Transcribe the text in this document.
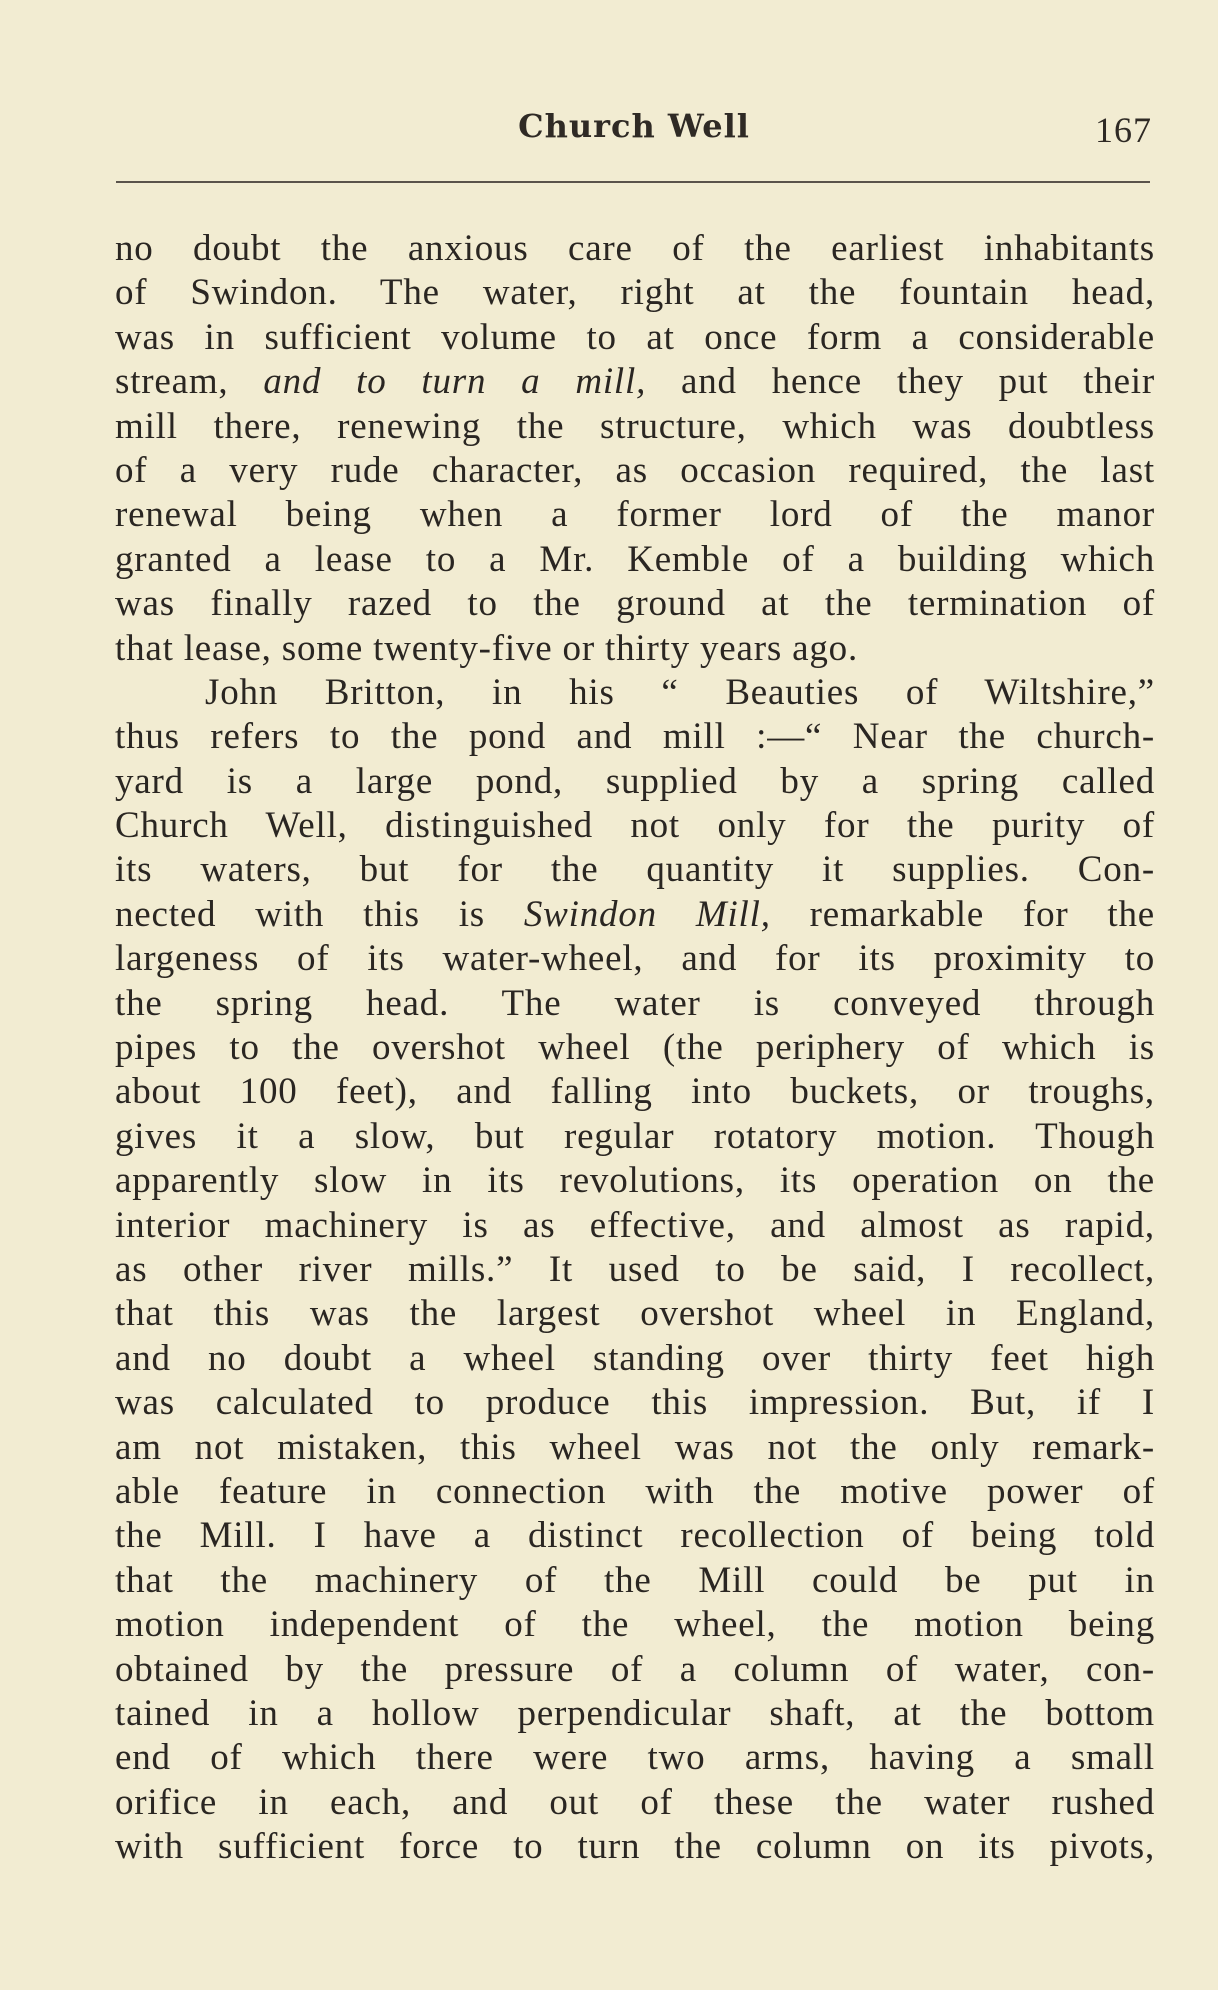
Church Well	167
no doubt the anxious care of the earliest inhabitants
of Swindon. The water, right at the fountain head,
was in sufficient volume to at once form a considerable
stream, and to turn a mill, and hence they put their
mill there, renewing the structure, which was doubtless
of a very rude character, as occasion required, the last
renewal being when a former lord of the manor
granted a lease to a Mr. Kemble of a building which
was finally razed to the ground at the termination of
that lease, some twenty-five or thirty years ago.
John Britton, in his “ Beauties of Wiltshire,”
thus refers to the pond and mill :—“ Near the church-
yard is a large pond, supplied by a spring called
Church Well, distinguished not only for the purity of
its waters, but for the quantity it supplies. Con-
nected with this is Swindon Mill, remarkable for the
largeness of its water-wheel, and for its proximity to
the spring head. The water is conveyed through
pipes to the overshot wheel (the periphery of which is
about 100 feet), and falling into buckets, or troughs,
gives it a slow, but regular rotatory motion. Though
apparently slow in its revolutions, its operation on the
interior machinery is as effective, and almost as rapid,
as other river mills.” It used to be said, I recollect,
that this was the largest overshot wheel in England,
and no doubt a wheel standing over thirty feet high
was calculated to produce this impression. But, if I
am not mistaken, this wheel was not the only remark-
able feature in connection with the motive power of
the Mill. I have a distinct recollection of being told
that the machinery of the Mill could be put in
motion independent of the wheel, the motion being
obtained by the pressure of a column of water, con-
tained in a hollow perpendicular shaft, at the bottom
end of which there were two arms, having a small
orifice in each, and out of these the water rushed
with sufficient force to turn the column on its pivots,
